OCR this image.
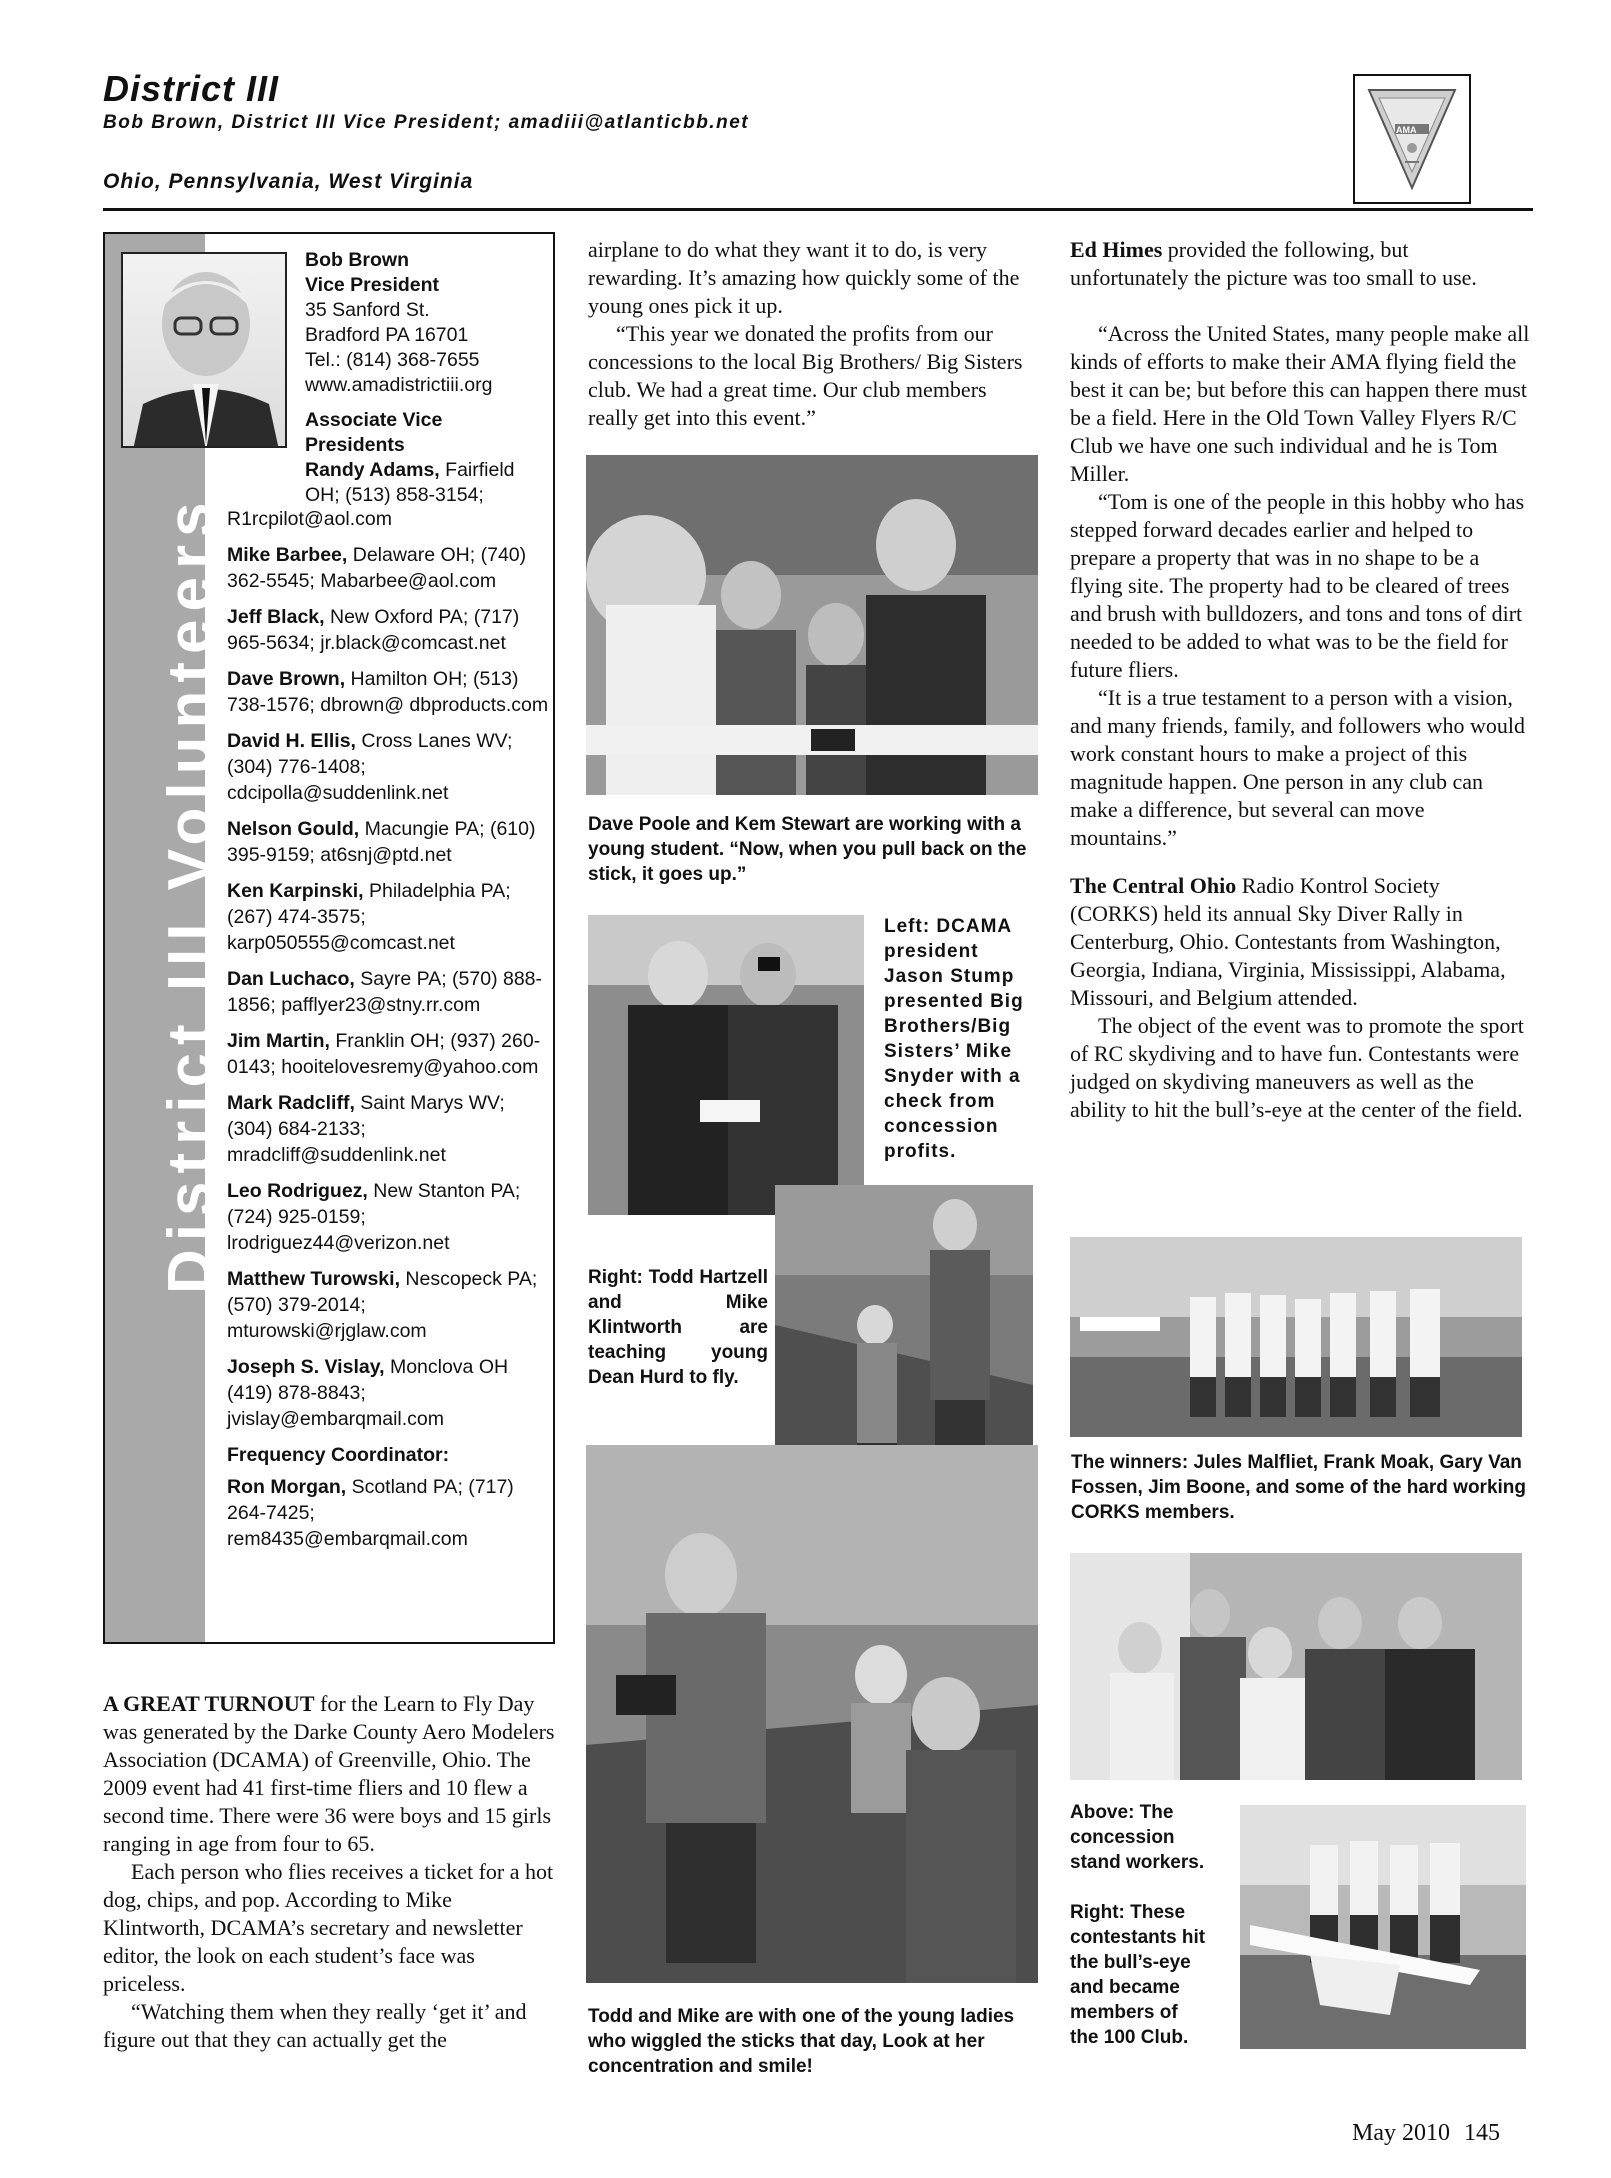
District III
Bob Brown, District III Vice President; amadiii@atlanticbb.net
Ohio, Pennsylvania, West Virginia
AMA
District III Volunteers
Bob Brown
Vice President
35 Sanford St.
Bradford PA 16701
Tel.: (814) 368-7655
www.amadistrictiii.org
Associate Vice Presidents
Randy Adams, Fairfield OH; (513) 858-3154;
R1rcpilot@aol.com
Mike Barbee, Delaware OH; (740) 362-5545; Mabarbee@aol.com
Jeff Black, New Oxford PA; (717) 965-5634; jr.black@comcast.net
Dave Brown, Hamilton OH; (513) 738-1576; dbrown@ dbproducts.com
David H. Ellis, Cross Lanes WV; (304) 776-1408; cdcipolla@suddenlink.net
Nelson Gould, Macungie PA; (610) 395-9159; at6snj@ptd.net
Ken Karpinski, Philadelphia PA; (267) 474-3575; karp050555@comcast.net
Dan Luchaco, Sayre PA; (570) 888-1856; pafflyer23@stny.rr.com
Jim Martin, Franklin OH; (937) 260-0143; hooitelovesremy@yahoo.com
Mark Radcliff, Saint Marys WV; (304) 684-2133; mradcliff@suddenlink.net
Leo Rodriguez, New Stanton PA; (724) 925-0159; lrodriguez44@verizon.net
Matthew Turowski, Nescopeck PA; (570) 379-2014; mturowski@rjglaw.com
Joseph S. Vislay, Monclova OH (419) 878-8843; jvislay@embarqmail.com
Frequency Coordinator:
Ron Morgan, Scotland PA; (717) 264-7425; rem8435@embarqmail.com

A GREAT TURNOUT for the Learn to Fly Day was generated by the Darke County Aero Modelers Association (DCAMA) of Greenville, Ohio. The 2009 event had 41 first-time fliers and 10 flew a second time. There were 36 were boys and 15 girls ranging in age from four to 65.

Each person who flies receives a ticket for a hot dog, chips, and pop. According to Mike Klintworth, DCAMA’s secretary and newsletter editor, the look on each student’s face was priceless.

“Watching them when they really ‘get it’ and figure out that they can actually get the

airplane to do what they want it to do, is very rewarding. It’s amazing how quickly some of the young ones pick it up.

“This year we donated the profits from our concessions to the local Big Brothers/ Big Sisters club. We had a great time. Our club members really get into this event.”

Dave Poole and Kem Stewart are working with a young student. “Now, when you pull back on the stick, it goes up.”
Left: DCAMA president Jason Stump presented Big Brothers/Big Sisters’ Mike Snyder with a check from concession profits.
Right: Todd Hartzell and Mike Klintworth are teaching young Dean Hurd to fly.
Todd and Mike are with one of the young ladies who wiggled the sticks that day, Look at her concentration and smile!

Ed Himes provided the following, but unfortunately the picture was too small to use.

“Across the United States, many people make all kinds of efforts to make their AMA flying field the best it can be; but before this can happen there must be a field. Here in the Old Town Valley Flyers R/C Club we have one such individual and he is Tom Miller.

“Tom is one of the people in this hobby who has stepped forward decades earlier and helped to prepare a property that was in no shape to be a flying site. The property had to be cleared of trees and brush with bulldozers, and tons and tons of dirt needed to be added to what was to be the field for future fliers.

“It is a true testament to a person with a vision, and many friends, family, and followers who would work constant hours to make a project of this magnitude happen. One person in any club can make a difference, but several can move mountains.”

The Central Ohio Radio Kontrol Society (CORKS) held its annual Sky Diver Rally in Centerburg, Ohio. Contestants from Washington, Georgia, Indiana, Virginia, Mississippi, Alabama, Missouri, and Belgium attended.

The object of the event was to promote the sport of RC skydiving and to have fun. Contestants were judged on skydiving maneuvers as well as the ability to hit the bull’s-eye at the center of the field.

The winners: Jules Malfliet, Frank Moak, Gary Van Fossen, Jim Boone, and some of the hard working CORKS members.
Above: The concession stand workers.
Right: These contestants hit the bull’s-eye and became members of the 100 Club.
May 2010 145
